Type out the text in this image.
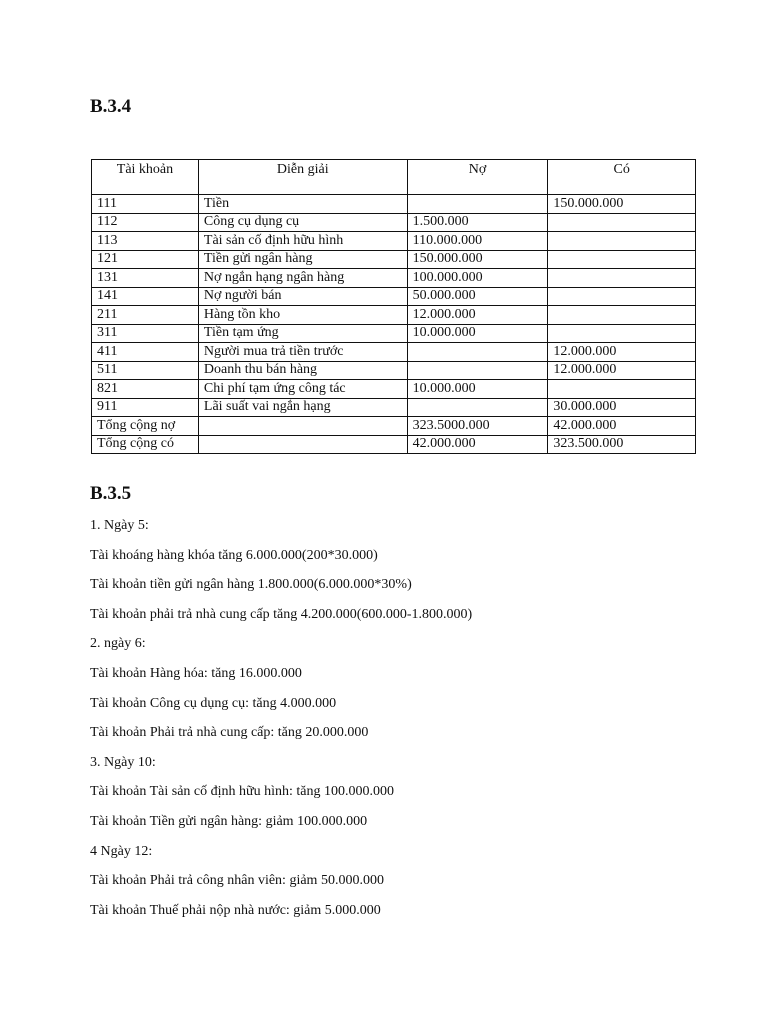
B.3.4
Tài khoản	Diễn giải	Nợ	Có
111	Tiền		150.000.000
112	Công cụ dụng cụ	1.500.000	
113	Tài sản cố định hữu hình	110.000.000	
121	Tiền gửi ngân hàng	150.000.000	
131	Nợ ngắn hạng ngân hàng	100.000.000	
141	Nợ người bán	50.000.000	
211	Hàng tồn kho	12.000.000	
311	Tiền tạm ứng	10.000.000	
411	Người mua trả tiền trước		12.000.000
511	Doanh thu bán hàng		12.000.000
821	Chi phí tạm ứng công tác	10.000.000	
911	Lãi suất vai ngắn hạng		30.000.000
Tổng cộng nợ		323.5000.000	42.000.000
Tổng cộng có		42.000.000	323.500.000
B.3.5
1. Ngày 5:
Tài khoáng hàng khóa tăng 6.000.000(200*30.000)
Tài khoản tiền gửi ngân hàng 1.800.000(6.000.000*30%)
Tài khoản phải trả nhà cung cấp tăng 4.200.000(600.000-1.800.000)
2. ngày 6:
Tài khoản Hàng hóa: tăng 16.000.000
Tài khoản Công cụ dụng cụ: tăng 4.000.000
Tài khoản Phải trả nhà cung cấp: tăng 20.000.000
3. Ngày 10:
Tài khoản Tài sản cố định hữu hình: tăng 100.000.000
Tài khoản Tiền gửi ngân hàng: giảm 100.000.000
4 Ngày 12:
Tài khoản Phải trả công nhân viên: giảm 50.000.000
Tài khoản Thuế phải nộp nhà nước: giảm 5.000.000
